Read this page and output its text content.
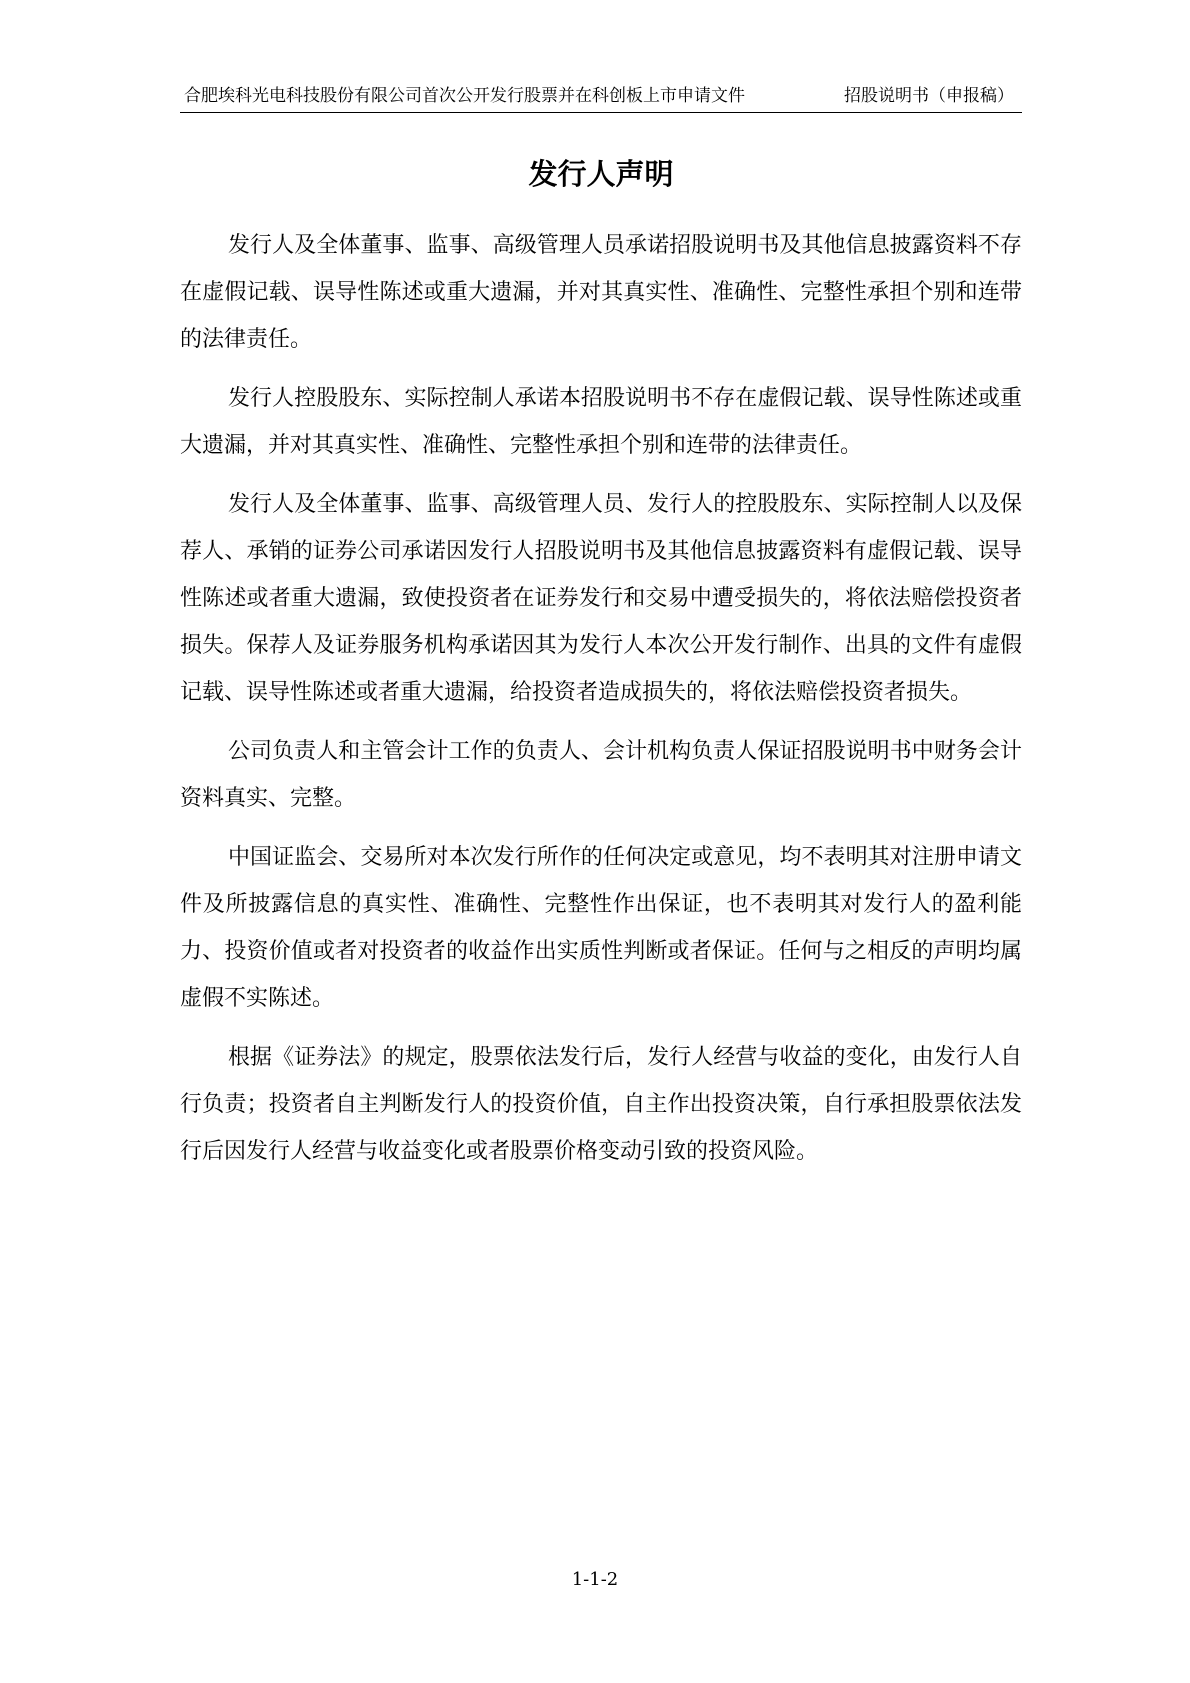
合肥埃科光电科技股份有限公司首次公开发行股票并在科创板上市申请文件	招股说明书（申报稿）
发行人声明

发行人及全体董事、监事、高级管理人员承诺招股说明书及其他信息披露资料不存在虚假记载、误导性陈述或重大遗漏，并对其真实性、准确性、完整性承担个别和连带的法律责任。

发行人控股股东、实际控制人承诺本招股说明书不存在虚假记载、误导性陈述或重大遗漏，并对其真实性、准确性、完整性承担个别和连带的法律责任。

发行人及全体董事、监事、高级管理人员、发行人的控股股东、实际控制人以及保荐人、承销的证券公司承诺因发行人招股说明书及其他信息披露资料有虚假记载、误导性陈述或者重大遗漏，致使投资者在证券发行和交易中遭受损失的，将依法赔偿投资者损失。保荐人及证券服务机构承诺因其为发行人本次公开发行制作、出具的文件有虚假记载、误导性陈述或者重大遗漏，给投资者造成损失的，将依法赔偿投资者损失。

公司负责人和主管会计工作的负责人、会计机构负责人保证招股说明书中财务会计资料真实、完整。

中国证监会、交易所对本次发行所作的任何决定或意见，均不表明其对注册申请文件及所披露信息的真实性、准确性、完整性作出保证，也不表明其对发行人的盈利能力、投资价值或者对投资者的收益作出实质性判断或者保证。任何与之相反的声明均属虚假不实陈述。

根据《证券法》的规定，股票依法发行后，发行人经营与收益的变化，由发行人自行负责；投资者自主判断发行人的投资价值，自主作出投资决策，自行承担股票依法发行后因发行人经营与收益变化或者股票价格变动引致的投资风险。

1-1-2
